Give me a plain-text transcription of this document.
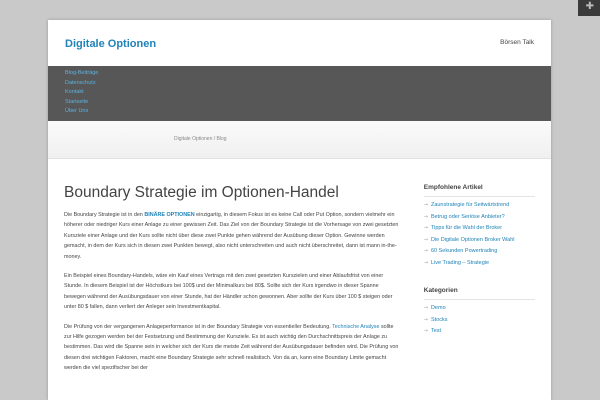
✚
Digitale Optionen	Börsen Talk
Blog-Beiträge
Datenschutz
Kontakt
Startseite
Über Uns
Digitale Optionen / Blog
Boundary Strategie im Optionen-Handel

Die Boundary Strategie ist in den BINÄRE OPTIONEN einzigartig, in diesem Fokus ist es keine Call oder Put Option, sondern vielmehr ein höherer oder niedriger Kurs einer Anlage zu einer gewissen Zeit. Das Ziel von der Boundary Strategie ist die Vorhersage von zwei gesetzten Kursziele einer Anlage und der Kurs sollte nicht über diese zwei Punkte gehen während der Ausübung dieser Option. Gewinne werden gemacht, in dem der Kurs sich in diesen zwei Punkten bewegt, also nicht unterschreiten und auch nicht überschreitet, dann ist mann in-the-money.

Ein Beispiel eines Boundary-Handels, wäre ein Kauf eines Vertrags mit den zwei gesetzten Kurszielen und einer Ablaufsfrist von einer Stunde. In diesem Beispiel ist der Höchstkurs bei 100$ und der Minimalkurs bei 80$. Sollte sich der Kurs irgendwo in dieser Spanne bewegen während der Ausübungsdauer von einer Stunde, hat der Händler schon gewonnen. Aber sollte der Kurs über 100 $ steigen oder unter 80 $ fallen, dann verliert der Anleger sein Investmentkapital.

Die Prüfung von der vergangenen Anlageperformance ist in der Boundary Strategie von essentieller Bedeutung. Technische Analyse sollte zur Hilfe gezogen werden bei der Festsetzung und Bestimmung der Kursziele. Es ist auch wichtig den Durchschnittspreis der Anlage zu bestimmen. Das wird die Spanne sein in welcher sich der Kurs die meiste Zeit während der Ausübungsdauer befinden wird. Die Prüfung von diesen drei wichtigen Faktoren, macht eine Boundary Strategie sehr schnell realistisch. Von da an, kann eine Boundary Limite gemacht werden die viel spezifischer bei der

Empfohlene Artikel
→ Zaunstrategie für Seitwärtstrend
→ Betrug oder Seriöse Anbieter?
→ Tipps für die Wahl der Broker
→ Die Digitale Optionen Broker Wahl
→ 60 Sekunden Powertrading
→ Live Trading – Strategie
Kategorien
→ Demo
→ Stocks
→ Test
